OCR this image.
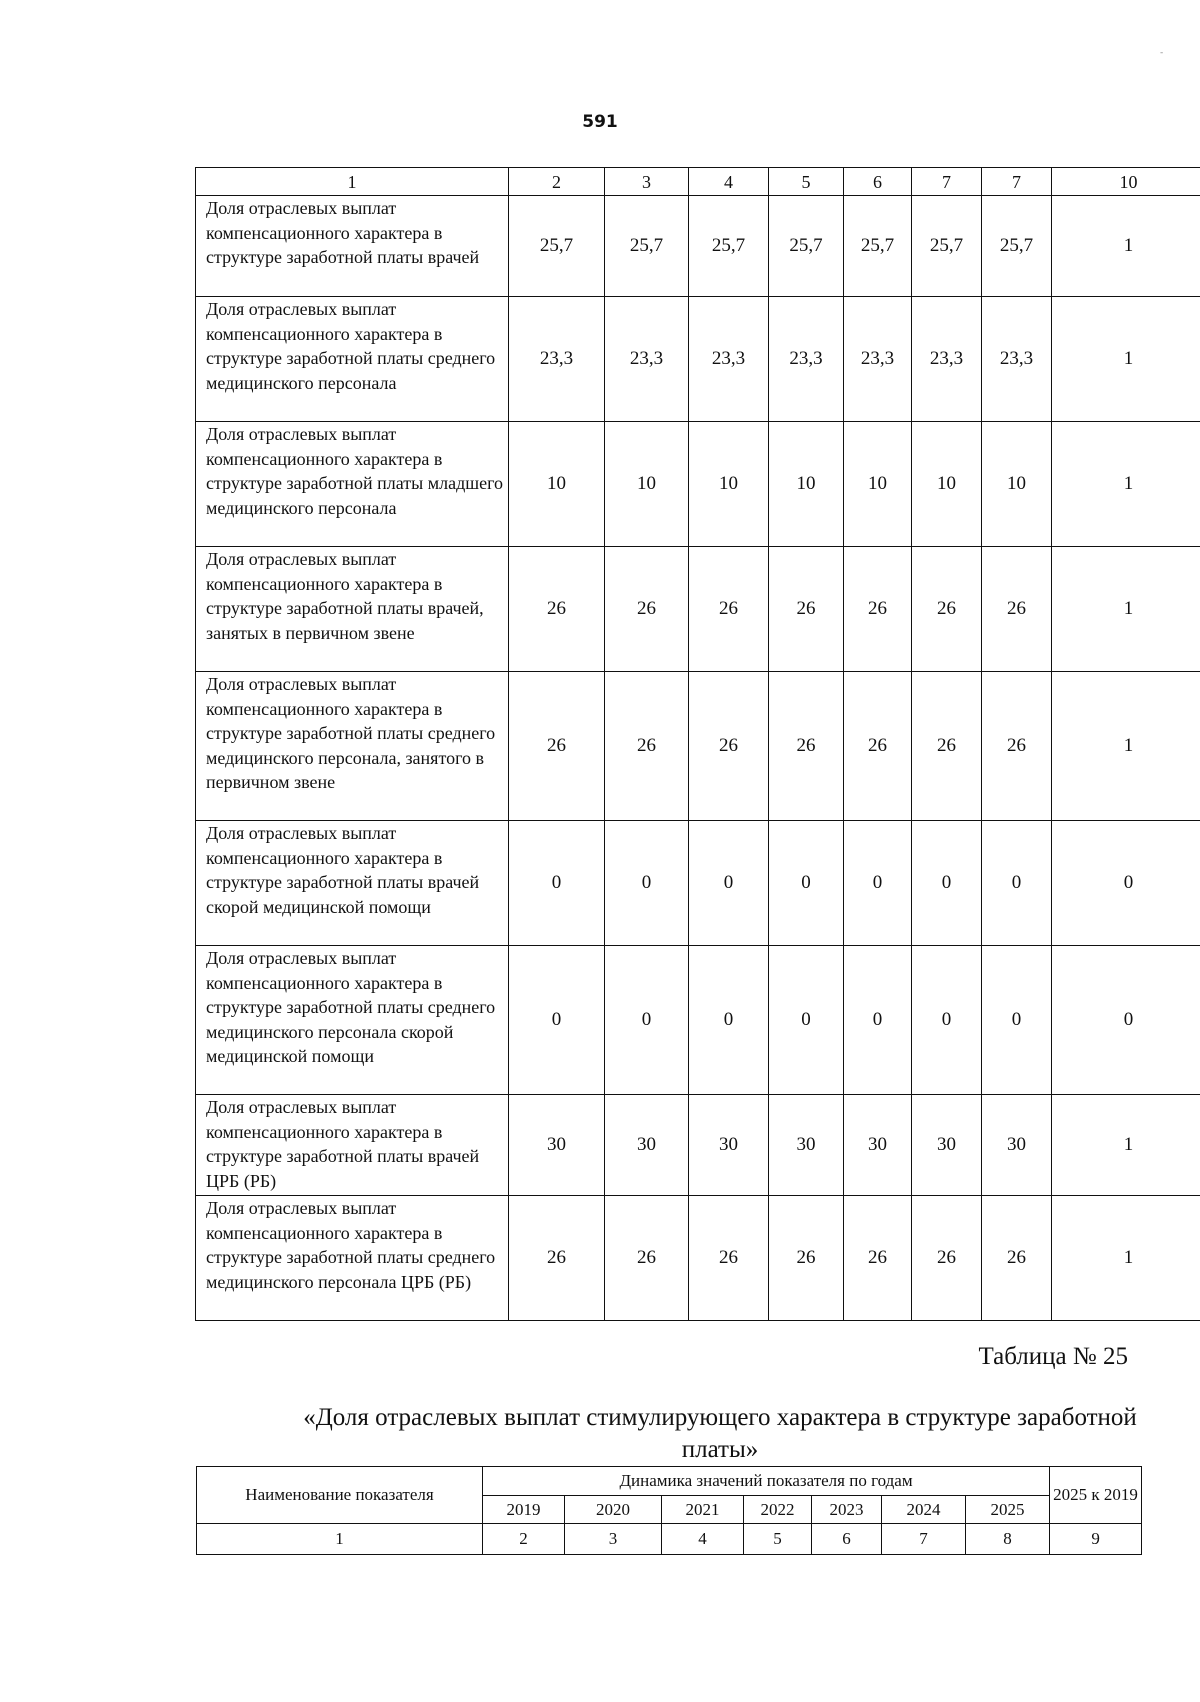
591
-
1	2	3	4	5	6	7	7	10
Доля отраслевых выплат компенсационного характера в структуре заработной платы врачей	25,7	25,7	25,7	25,7	25,7	25,7	25,7	1
Доля отраслевых выплат компенсационного характера в структуре заработной платы среднего медицинского персонала	23,3	23,3	23,3	23,3	23,3	23,3	23,3	1
Доля отраслевых выплат компенсационного характера в структуре заработной платы младшего медицинского персонала	10	10	10	10	10	10	10	1
Доля отраслевых выплат компенсационного характера в структуре заработной платы врачей, занятых в первичном звене	26	26	26	26	26	26	26	1
Доля отраслевых выплат компенсационного характера в структуре заработной платы среднего медицинского персонала, занятого в первичном звене	26	26	26	26	26	26	26	1
Доля отраслевых выплат компенсационного характера в структуре заработной платы врачей скорой медицинской помощи	0	0	0	0	0	0	0	0
Доля отраслевых выплат компенсационного характера в структуре заработной платы среднего медицинского персонала скорой медицинской помощи	0	0	0	0	0	0	0	0
Доля отраслевых выплат компенсационного характера в структуре заработной платы врачей ЦРБ (РБ)	30	30	30	30	30	30	30	1
Доля отраслевых выплат компенсационного характера в структуре заработной платы среднего медицинского персонала ЦРБ (РБ)	26	26	26	26	26	26	26	1
Таблица № 25
«Доля отраслевых выплат стимулирующего характера в структуре заработной платы»
Наименование показателя	Динамика значений показателя по годам							2025 к 2019
	2019	2020	2021	2022	2023	2024	2025	
1	2	3	4	5	6	7	8	9
